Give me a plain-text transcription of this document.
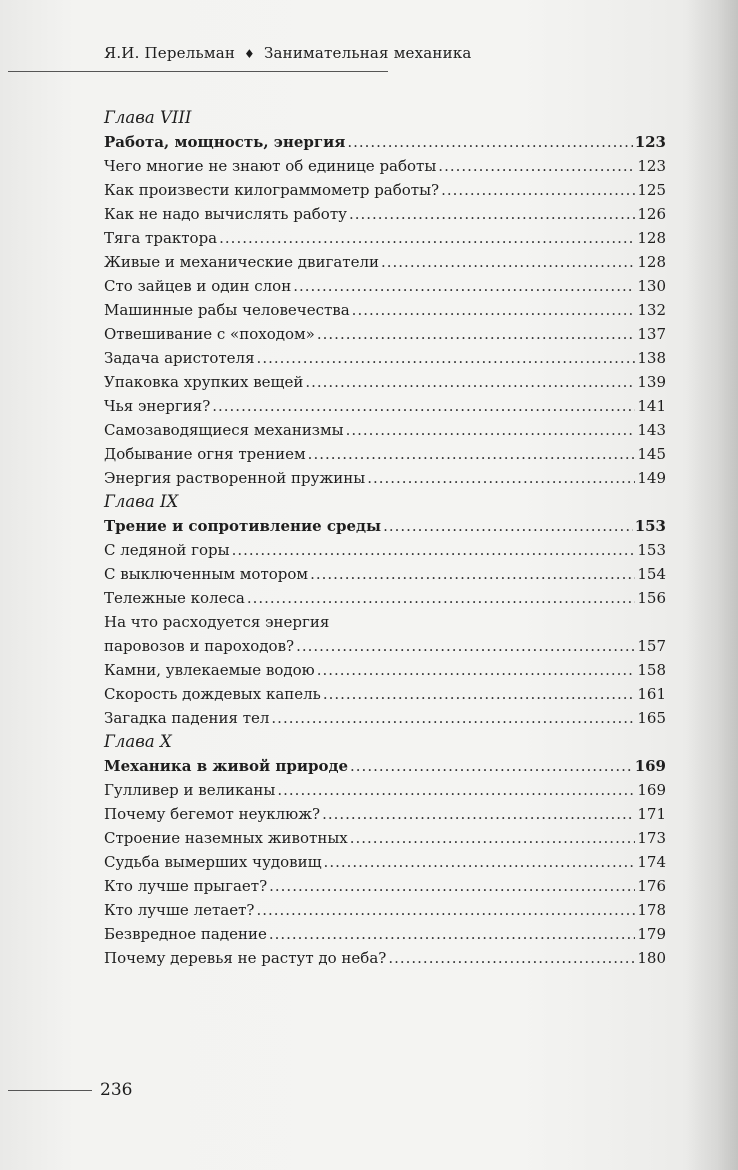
Я.И. Перельман ♦ Занимательная механика
Глава VIII
Работа, мощность, энергия .....	123
Чего многие не знают об единице работы .....	123
Как произвести килограммометр работы? .....	125
Как не надо вычислять работу .....	126
Тяга трактора .....	128
Живые и механические двигатели .....	128
Сто зайцев и один слон .....	130
Машинные рабы человечества .....	132
Отвешивание с «походом» .....	137
Задача аристотеля .....	138
Упаковка хрупких вещей .....	139
Чья энергия? .....	141
Самозаводящиеся механизмы .....	143
Добывание огня трением .....	145
Энергия растворенной пружины .....	149
Глава IX
Трение и сопротивление среды .....	153
С ледяной горы .....	153
С выключенным мотором .....	154
Тележные колеса .....	156
На что расходуется энергия
паровозов и пароходов? .....	157
Камни, увлекаемые водою .....	158
Скорость дождевых капель .....	161
Загадка падения тел .....	165
Глава X
Механика в живой природе .....	169
Гулливер и великаны .....	169
Почему бегемот неуклюж? .....	171
Строение наземных животных .....	173
Судьба вымерших чудовищ .....	174
Кто лучше прыгает? .....	176
Кто лучше летает? .....	178
Безвредное падение .....	179
Почему деревья не растут до неба? .....	180
236
